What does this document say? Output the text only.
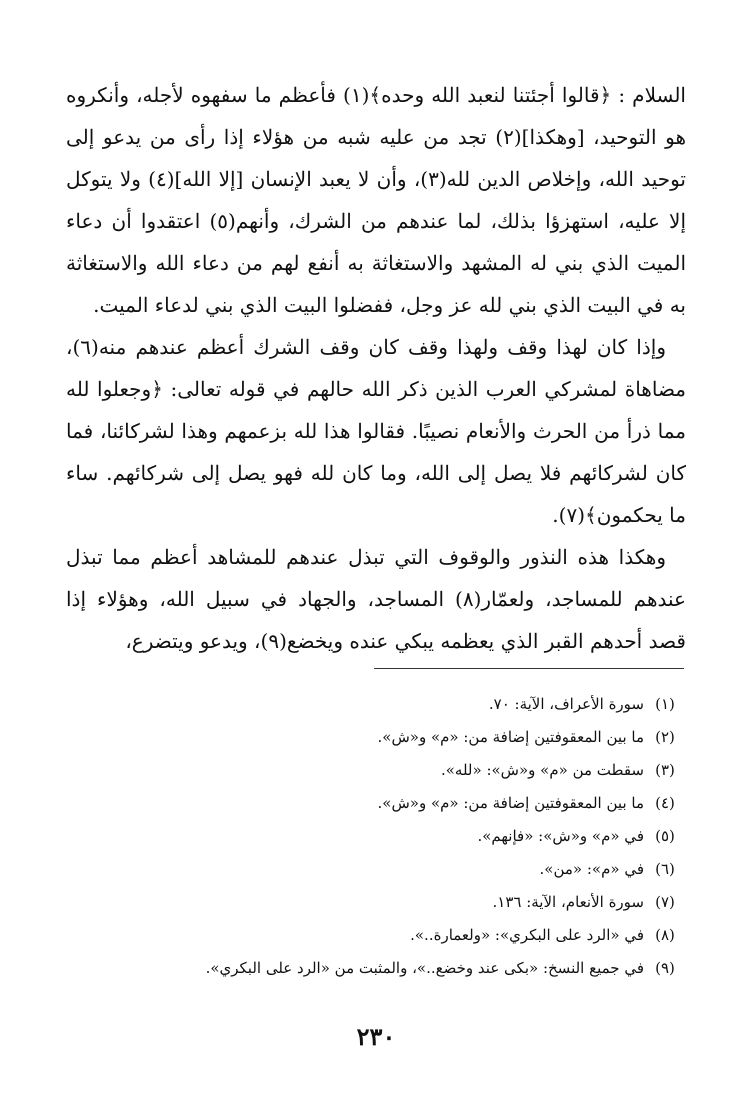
السلام : ﴿قالوا أجئتنا لنعبد الله وحده﴾(١) فأعظم ما سفهوه لأجله، وأنكروه هو التوحيد، [وهكذا](٢) تجد من عليه شبه من هؤلاء إذا رأى من يدعو إلى توحيد الله، وإخلاص الدين لله(٣)، وأن لا يعبد الإنسان [إلا الله](٤) ولا يتوكل إلا عليه، استهزؤا بذلك، لما عندهم من الشرك، وأنهم(٥) اعتقدوا أن دعاء الميت الذي بني له المشهد والاستغاثة به أنفع لهم من دعاء الله والاستغاثة به في البيت الذي بني لله عز وجل، ففضلوا البيت الذي بني لدعاء الميت.

وإذا كان لهذا وقف ولهذا وقف كان وقف الشرك أعظم عندهم منه(٦)، مضاهاة لمشركي العرب الذين ذكر الله حالهم في قوله تعالى: ﴿وجعلوا لله مما ذرأ من الحرث والأنعام نصيبًا. فقالوا هذا لله بزعمهم وهذا لشركائنا، فما كان لشركائهم فلا يصل إلى الله، وما كان لله فهو يصل إلى شركائهم. ساء ما يحكمون﴾(٧).

وهكذا هذه النذور والوقوف التي تبذل عندهم للمشاهد أعظم مما تبذل عندهم للمساجد، ولعمّار(٨) المساجد، والجهاد في سبيل الله، وهؤلاء إذا قصد أحدهم القبر الذي يعظمه يبكي عنده ويخضع(٩)، ويدعو ويتضرع،

(١)سورة الأعراف، الآية: ٧٠.
(٢)ما بين المعقوفتين إضافة من: «م» و«ش».
(٣)سقطت من «م» و«ش»: «لله».
(٤)ما بين المعقوفتين إضافة من: «م» و«ش».
(٥)في «م» و«ش»: «فإنهم».
(٦)في «م»: «من».
(٧)سورة الأنعام، الآية: ١٣٦.
(٨)في «الرد على البكري»: «ولعمارة..».
(٩)في جميع النسخ: «بكى عند وخضع..»، والمثبت من «الرد على البكري».
٢٣٠
